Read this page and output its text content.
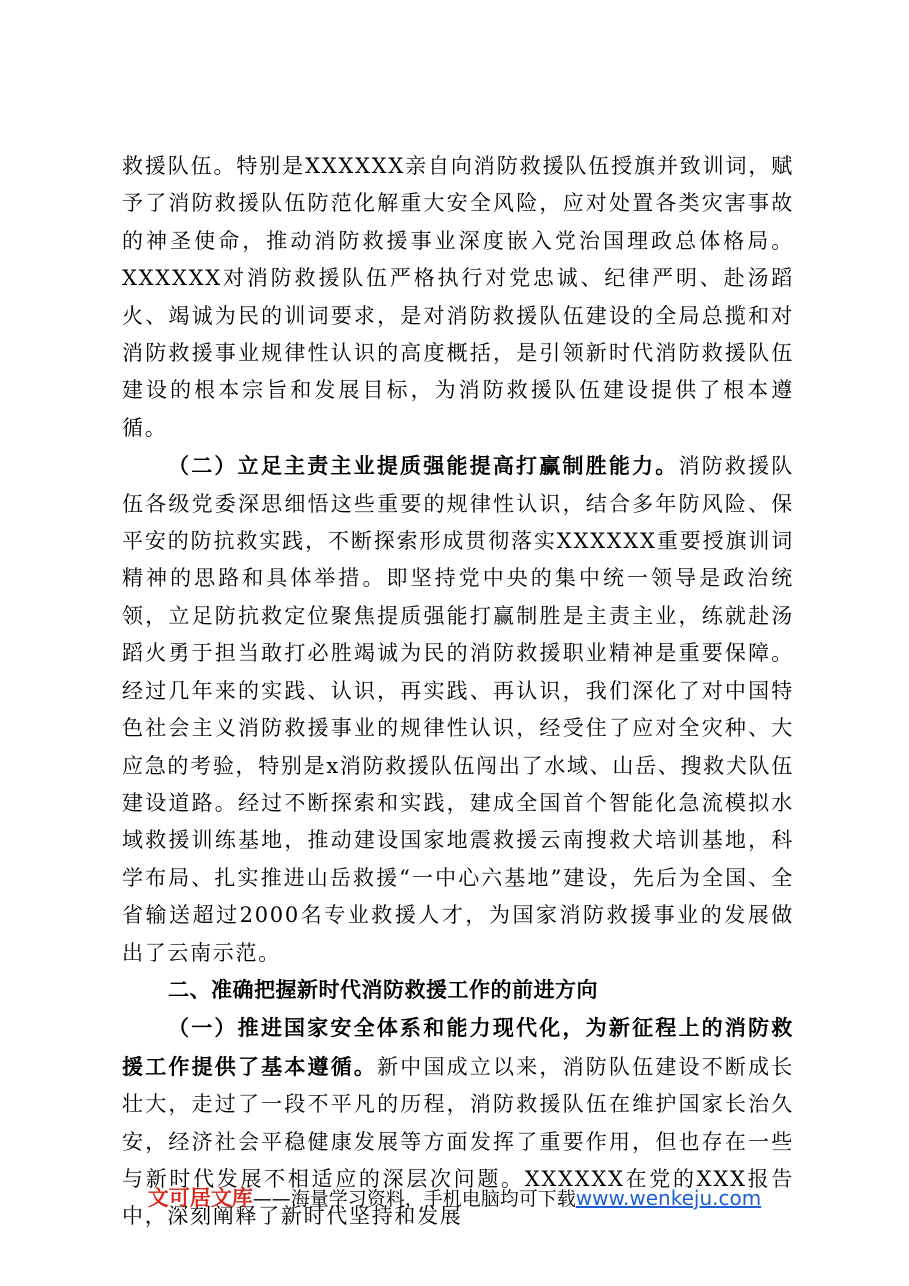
救援队伍。特别是XXXXXX亲自向消防救援队伍授旗并致训词，赋予了消防救援队伍防范化解重大安全风险，应对处置各类灾害事故的神圣使命，推动消防救援事业深度嵌入党治国理政总体格局。XXXXXX对消防救援队伍严格执行对党忠诚、纪律严明、赴汤蹈火、竭诚为民的训词要求，是对消防救援队伍建设的全局总揽和对消防救援事业规律性认识的高度概括，是引领新时代消防救援队伍建设的根本宗旨和发展目标，为消防救援队伍建设提供了根本遵循。

（二）立足主责主业提质强能提高打赢制胜能力。消防救援队伍各级党委深思细悟这些重要的规律性认识，结合多年防风险、保平安的防抗救实践，不断探索形成贯彻落实XXXXXX重要授旗训词精神的思路和具体举措。即坚持党中央的集中统一领导是政治统领，立足防抗救定位聚焦提质强能打赢制胜是主责主业，练就赴汤蹈火勇于担当敢打必胜竭诚为民的消防救援职业精神是重要保障。经过几年来的实践、认识，再实践、再认识，我们深化了对中国特色社会主义消防救援事业的规律性认识，经受住了应对全灾种、大应急的考验，特别是x消防救援队伍闯出了水域、山岳、搜救犬队伍建设道路。经过不断探索和实践，建成全国首个智能化急流模拟水域救援训练基地，推动建设国家地震救援云南搜救犬培训基地，科学布局、扎实推进山岳救援“一中心六基地”建设，先后为全国、全省输送超过2000名专业救援人才，为国家消防救援事业的发展做出了云南示范。

二、准确把握新时代消防救援工作的前进方向

（一）推进国家安全体系和能力现代化，为新征程上的消防救援工作提供了基本遵循。新中国成立以来，消防队伍建设不断成长壮大，走过了一段不平凡的历程，消防救援队伍在维护国家长治久安，经济社会平稳健康发展等方面发挥了重要作用，但也存在一些与新时代发展不相适应的深层次问题。XXXXXX在党的XXX报告中，深刻阐释了新时代坚持和发展

文可居文库——海量学习资料，手机电脑均可下载www.wenkeju.com
